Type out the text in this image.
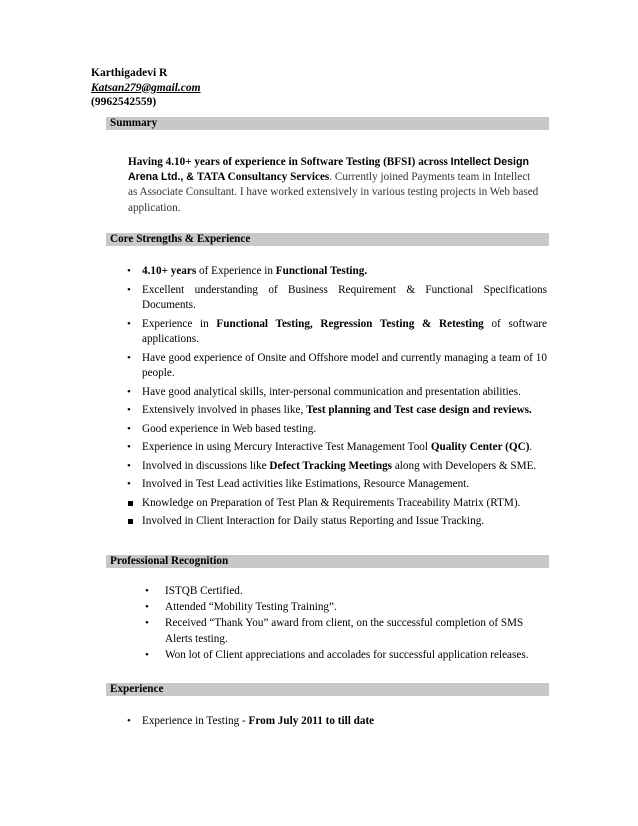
Karthigadevi R
Katsan279@gmail.com
(9962542559)
Summary
Having 4.10+ years of experience in Software Testing (BFSI) across Intellect Design Arena Ltd., & TATA Consultancy Services. Currently joined Payments team in Intellect as Associate Consultant. I have worked extensively in various testing projects in Web based application.
Core Strengths & Experience
• 4.10+ years of Experience in Functional Testing.
• Excellent understanding of Business Requirement & Functional Specifications Documents.
• Experience in Functional Testing, Regression Testing & Retesting of software applications.
• Have good experience of Onsite and Offshore model and currently managing a team of 10 people.
• Have good analytical skills, inter-personal communication and presentation abilities.
• Extensively involved in phases like, Test planning and Test case design and reviews.
• Good experience in Web based testing.
• Experience in using Mercury Interactive Test Management Tool Quality Center (QC).
• Involved in discussions like Defect Tracking Meetings along with Developers & SME.
• Involved in Test Lead activities like Estimations, Resource Management.
Knowledge on Preparation of Test Plan & Requirements Traceability Matrix (RTM).
Involved in Client Interaction for Daily status Reporting and Issue Tracking.
Professional Recognition
• ISTQB Certified.
• Attended “Mobility Testing Training”.
• Received “Thank You” award from client, on the successful completion of SMS Alerts testing.
• Won lot of Client appreciations and accolades for successful application releases.
Experience
• Experience in Testing - From July 2011 to till date
